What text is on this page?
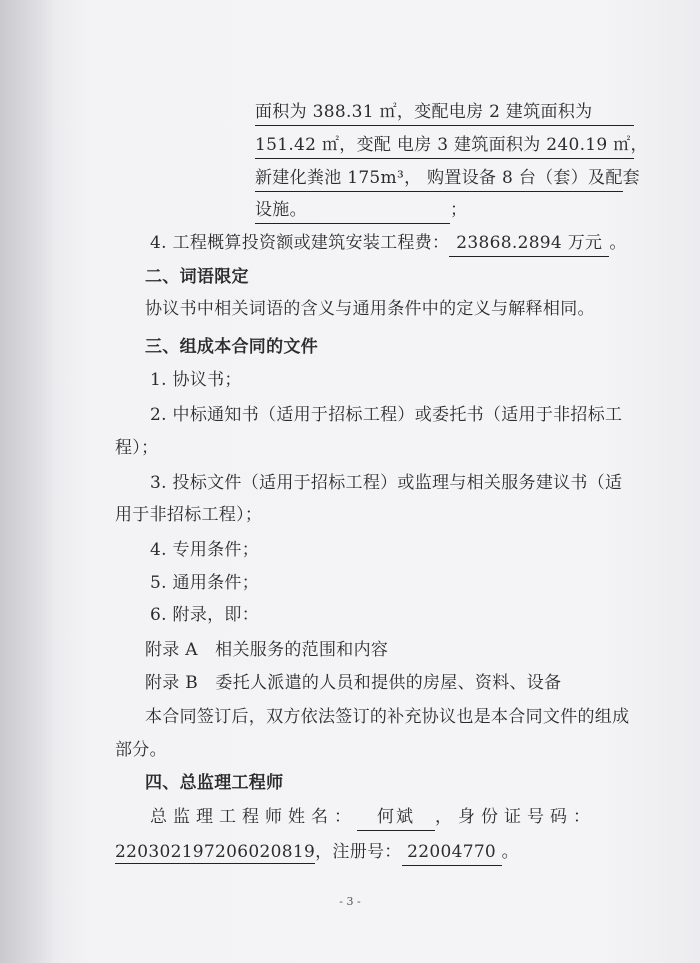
面积为 388.31 ㎡，变配电房 2 建筑面积为
151.42 ㎡，变配 电房 3 建筑面积为 240.19 ㎡，
新建化粪池 175m³， 购置设备 8 台（套）及配套
设施。	；
4. 工程概算投资额或建筑安装工程费： 23868.2894 万元 。
二、词语限定
协议书中相关词语的含义与通用条件中的定义与解释相同。
三、组成本合同的文件
1. 协议书；
2. 中标通知书（适用于招标工程）或委托书（适用于非招标工
程）；
3. 投标文件（适用于招标工程）或监理与相关服务建议书（适
用于非招标工程）；
4. 专用条件；
5. 通用条件；
6. 附录，即：
附录 A　相关服务的范围和内容
附录 B　委托人派遣的人员和提供的房屋、资料、设备
本合同签订后，双方依法签订的补充协议也是本合同文件的组成
部分。
四、总监理工程师
总监理工程师姓名： 何斌 ，身份证号码：
220302197206020819，注册号： 22004770 。
- 3 -
